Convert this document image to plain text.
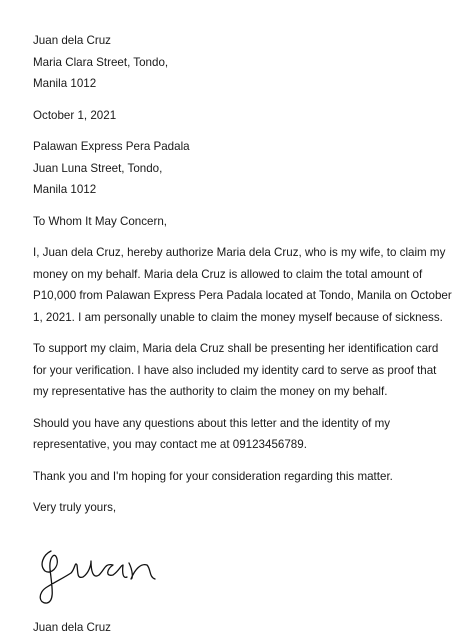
Juan dela Cruz
Maria Clara Street, Tondo,
Manila 1012
October 1, 2021
Palawan Express Pera Padala
Juan Luna Street, Tondo,
Manila 1012

To Whom It May Concern,

I, Juan dela Cruz, hereby authorize Maria dela Cruz, who is my wife, to claim my money on my behalf. Maria dela Cruz is allowed to claim the total amount of P10,000 from Palawan Express Pera Padala located at Tondo, Manila on October 1, 2021. I am personally unable to claim the money myself because of sickness.

To support my claim, Maria dela Cruz shall be presenting her identification card for your verification. I have also included my identity card to serve as proof that my representative has the authority to claim the money on my behalf.

Should you have any questions about this letter and the identity of my representative, you may contact me at 09123456789.

Thank you and I'm hoping for your consideration regarding this matter.

Very truly yours,

Juan dela Cruz
